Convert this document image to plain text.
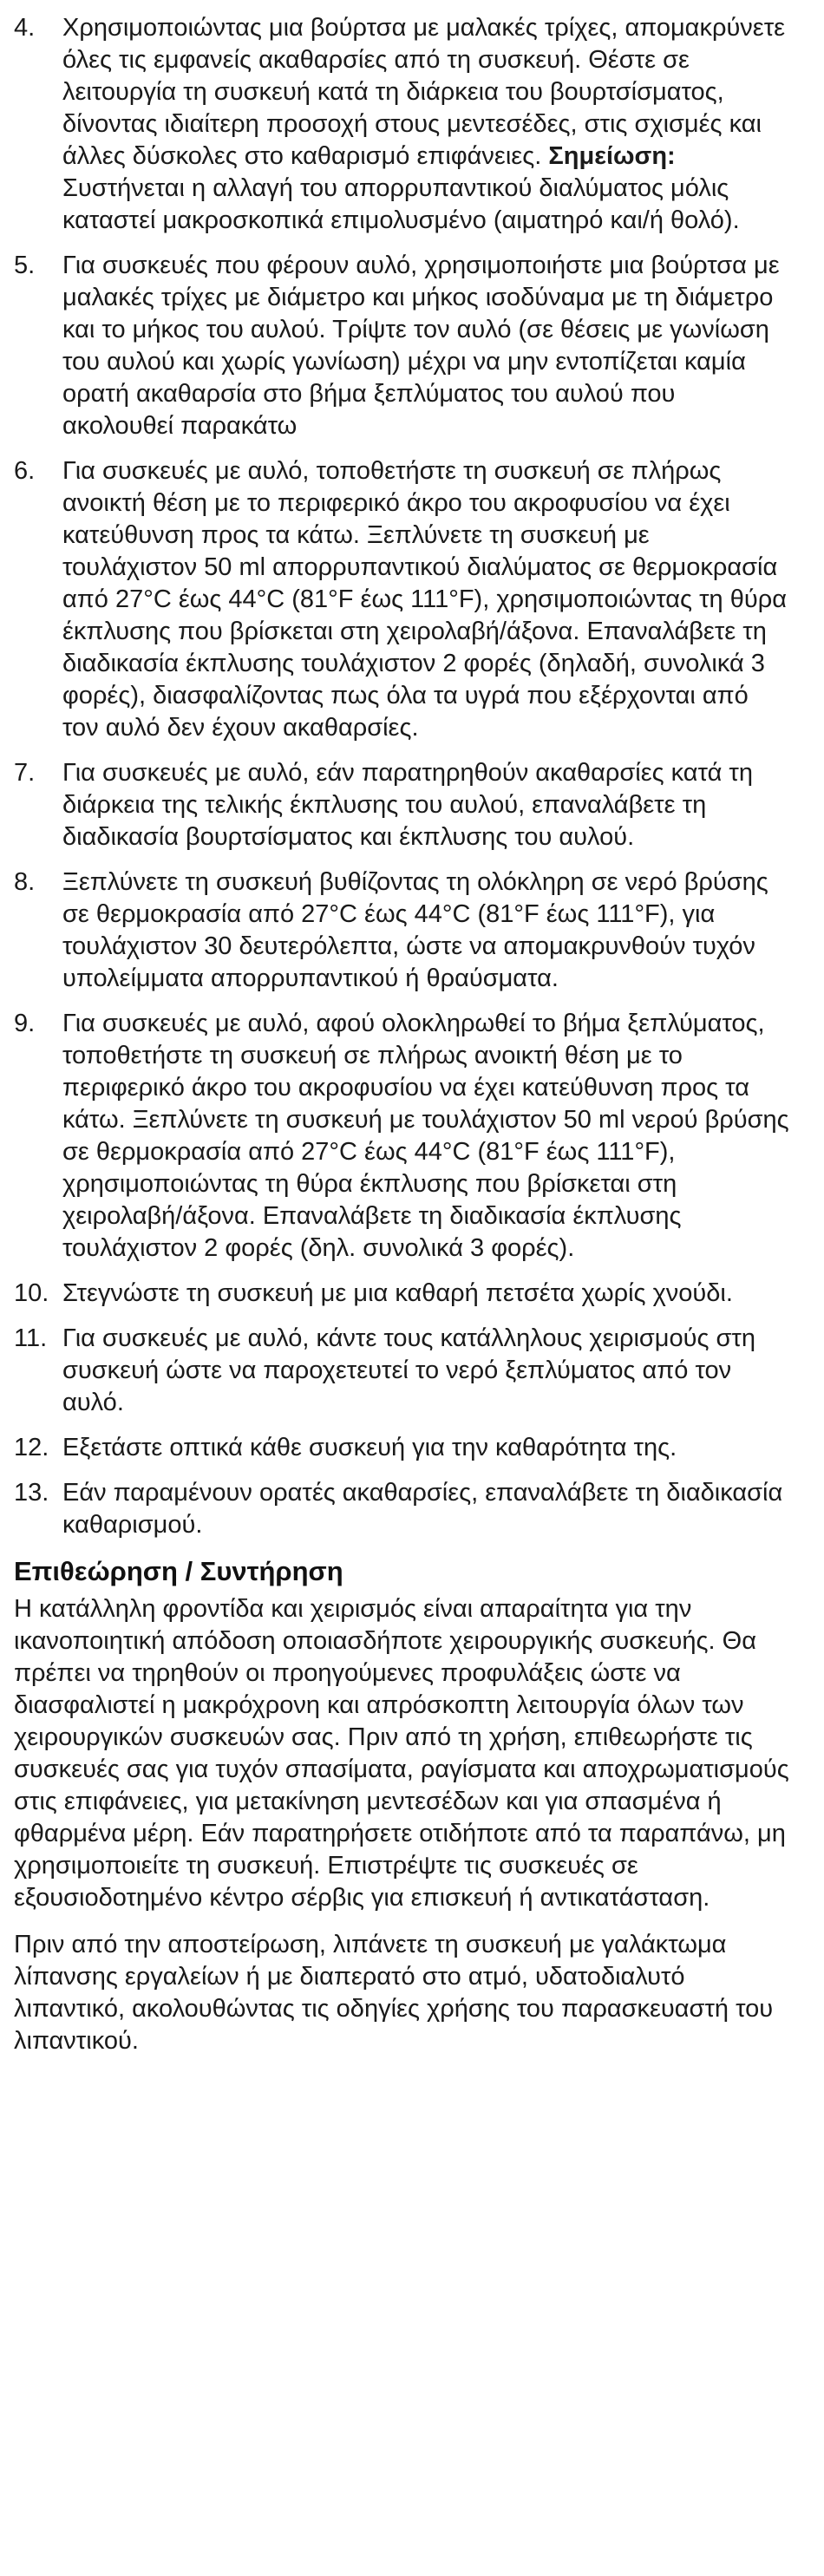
4.	Χρησιμοποιώντας μια βούρτσα με μαλακές τρίχες, απομακρύνετε όλες τις εμφανείς ακαθαρσίες από τη συσκευή. Θέστε σε λειτουργία τη συσκευή κατά τη διάρκεια του βουρτσίσματος, δίνοντας ιδιαίτερη προσοχή στους μεντεσέδες, στις σχισμές και άλλες δύσκολες στο καθαρισμό επιφάνειες. Σημείωση: Συστήνεται η αλλαγή του απορρυπαντικού διαλύματος μόλις καταστεί μακροσκοπικά επιμολυσμένο (αιματηρό και/ή θολό).
5.	Για συσκευές που φέρουν αυλό, χρησιμοποιήστε μια βούρτσα με μαλακές τρίχες με διάμετρο και μήκος ισοδύναμα με τη διάμετρο και το μήκος του αυλού. Τρίψτε τον αυλό (σε θέσεις με γωνίωση του αυλού και χωρίς γωνίωση) μέχρι να μην εντοπίζεται καμία ορατή ακαθαρσία στο βήμα ξεπλύματος του αυλού που ακολουθεί παρακάτω
6.	Για συσκευές με αυλό, τοποθετήστε τη συσκευή σε πλήρως ανοικτή θέση με το περιφερικό άκρο του ακροφυσίου να έχει κατεύθυνση προς τα κάτω. Ξεπλύνετε τη συσκευή με τουλάχιστον 50 ml απορρυπαντικού διαλύματος σε θερμοκρασία από 27°C έως 44°C (81°F έως 111°F), χρησιμοποιώντας τη θύρα έκπλυσης που βρίσκεται στη χειρολαβή/άξονα. Επαναλάβετε τη διαδικασία έκπλυσης τουλάχιστον 2 φορές (δηλαδή, συνολικά 3 φορές), διασφαλίζοντας πως όλα τα υγρά που εξέρχονται από τον αυλό δεν έχουν ακαθαρσίες.
7.	Για συσκευές με αυλό, εάν παρατηρηθούν ακαθαρσίες κατά τη διάρκεια της τελικής έκπλυσης του αυλού, επαναλάβετε τη διαδικασία βουρτσίσματος και έκπλυσης του αυλού.
8.	Ξεπλύνετε τη συσκευή βυθίζοντας τη ολόκληρη σε νερό βρύσης σε θερμοκρασία από 27°C έως 44°C (81°F έως 111°F), για τουλάχιστον 30 δευτερόλεπτα, ώστε να απομακρυνθούν τυχόν υπολείμματα απορρυπαντικού ή θραύσματα.
9.	Για συσκευές με αυλό, αφού ολοκληρωθεί το βήμα ξεπλύματος, τοποθετήστε τη συσκευή σε πλήρως ανοικτή θέση με το περιφερικό άκρο του ακροφυσίου να έχει κατεύθυνση προς τα κάτω. Ξεπλύνετε τη συσκευή με τουλάχιστον 50 ml νερού βρύσης σε θερμοκρασία από 27°C έως 44°C (81°F έως 111°F), χρησιμοποιώντας τη θύρα έκπλυσης που βρίσκεται στη χειρολαβή/άξονα. Επαναλάβετε τη διαδικασία έκπλυσης τουλάχιστον 2 φορές (δηλ. συνολικά 3 φορές).
10. Στεγνώστε τη συσκευή με μια καθαρή πετσέτα χωρίς χνούδι.
11. Για συσκευές με αυλό, κάντε τους κατάλληλους χειρισμούς στη συσκευή ώστε να παροχετευτεί το νερό ξεπλύματος από τον αυλό.
12. Εξετάστε οπτικά κάθε συσκευή για την καθαρότητα της.
13. Εάν παραμένουν ορατές ακαθαρσίες, επαναλάβετε τη διαδικασία καθαρισμού.
Επιθεώρηση / Συντήρηση

Η κατάλληλη φροντίδα και χειρισμός είναι απαραίτητα για την ικανοποιητική απόδοση οποιασδήποτε χειρουργικής συσκευής. Θα πρέπει να τηρηθούν οι προηγούμενες προφυλάξεις ώστε να διασφαλιστεί η μακρόχρονη και απρόσκοπτη λειτουργία όλων των χειρουργικών συσκευών σας. Πριν από τη χρήση, επιθεωρήστε τις συσκευές σας για τυχόν σπασίματα, ραγίσματα και αποχρωματισμούς στις επιφάνειες, για μετακίνηση μεντεσέδων και για σπασμένα ή φθαρμένα μέρη. Εάν παρατηρήσετε οτιδήποτε από τα παραπάνω, μη χρησιμοποιείτε τη συσκευή. Επιστρέψτε τις συσκευές σε εξουσιοδοτημένο κέντρο σέρβις για επισκευή ή αντικατάσταση.

Πριν από την αποστείρωση, λιπάνετε τη συσκευή με γαλάκτωμα λίπανσης εργαλείων ή με διαπερατό στο ατμό, υδατοδιαλυτό λιπαντικό, ακολουθώντας τις οδηγίες χρήσης του παρασκευαστή του λιπαντικού.
